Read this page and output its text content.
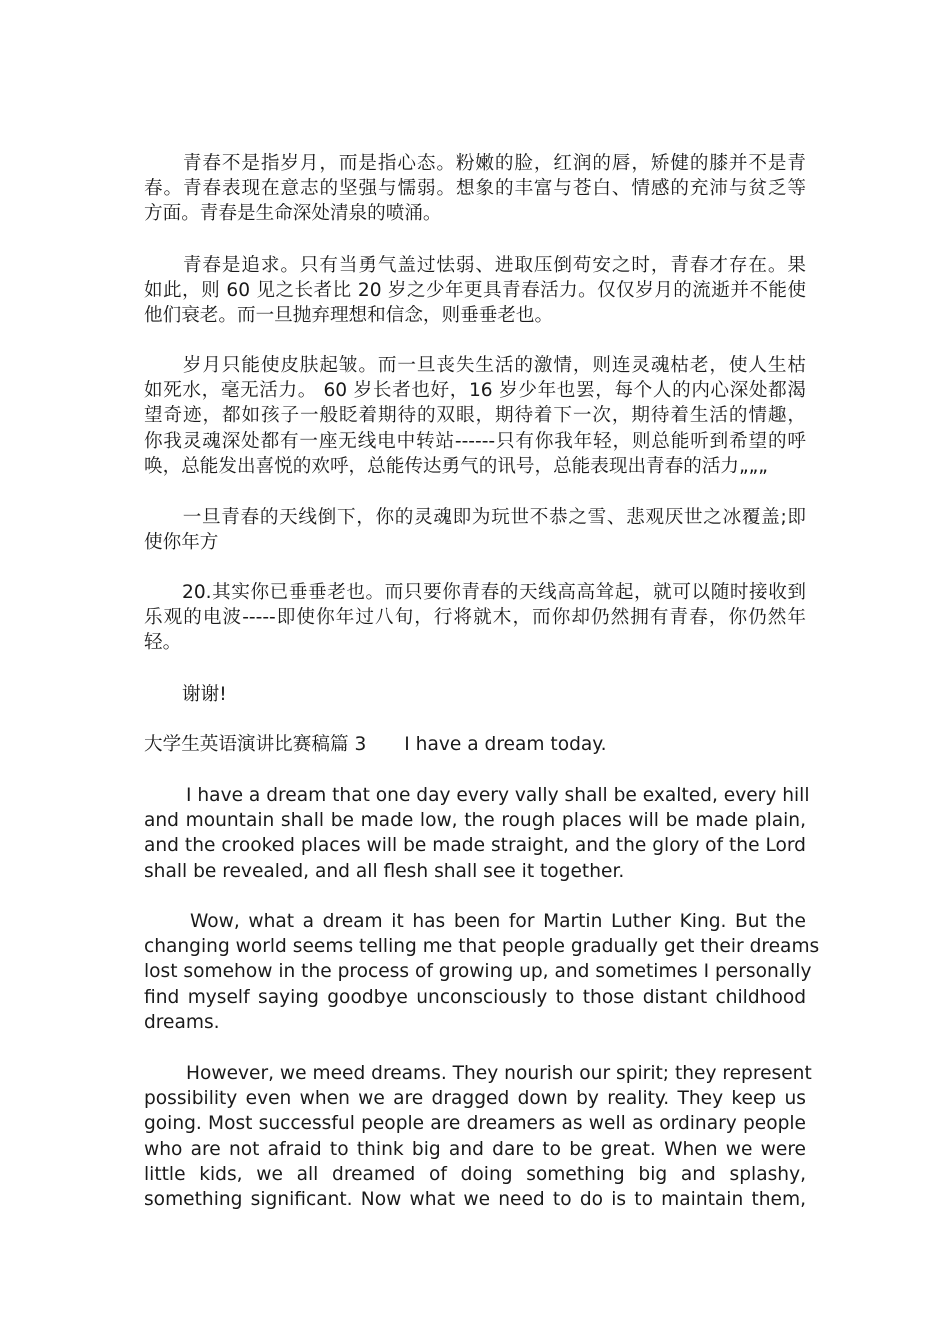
青春不是指岁月，而是指心态。粉嫩的脸，红润的唇，矫健的膝并不是青
春。青春表现在意志的坚强与懦弱。想象的丰富与苍白、情感的充沛与贫乏等
方面。青春是生命深处清泉的喷涌。
青春是追求。只有当勇气盖过怯弱、进取压倒苟安之时，青春才存在。果
如此，则 60 见之长者比 20 岁之少年更具青春活力。仅仅岁月的流逝并不能使
他们衰老。而一旦抛弃理想和信念，则垂垂老也。
岁月只能使皮肤起皱。而一旦丧失生活的激情，则连灵魂枯老，使人生枯
如死水，毫无活力。 60 岁长者也好，16 岁少年也罢，每个人的内心深处都渴
望奇迹，都如孩子一般眨着期待的双眼，期待着下一次，期待着生活的情趣，
你我灵魂深处都有一座无线电中转站------只有你我年轻，则总能听到希望的呼
唤，总能发出喜悦的欢呼，总能传达勇气的讯号，总能表现出青春的活力„„„
一旦青春的天线倒下，你的灵魂即为玩世不恭之雪、悲观厌世之冰覆盖;即
使你年方
20.其实你已垂垂老也。而只要你青春的天线高高耸起，就可以随时接收到
乐观的电波-----即使你年过八旬，行将就木，而你却仍然拥有青春，你仍然年
轻。
谢谢!
大学生英语演讲比赛稿篇 3 I have a dream today.
I have a dream that one day every vally shall be exalted, every hill
and mountain shall be made low, the rough places will be made plain,
and the crooked places will be made straight, and the glory of the Lord
shall be revealed, and all flesh shall see it together.
Wow, what a dream it has been for Martin Luther King. But the
changing world seems telling me that people gradually get their dreams
lost somehow in the process of growing up, and sometimes I personally
find myself saying goodbye unconsciously to those distant childhood
dreams.
However, we meed dreams. They nourish our spirit; they represent
possibility even when we are dragged down by reality. They keep us
going. Most successful people are dreamers as well as ordinary people
who are not afraid to think big and dare to be great. When we were
little kids, we all dreamed of doing something big and splashy,
something significant. Now what we need to do is to maintain them,
